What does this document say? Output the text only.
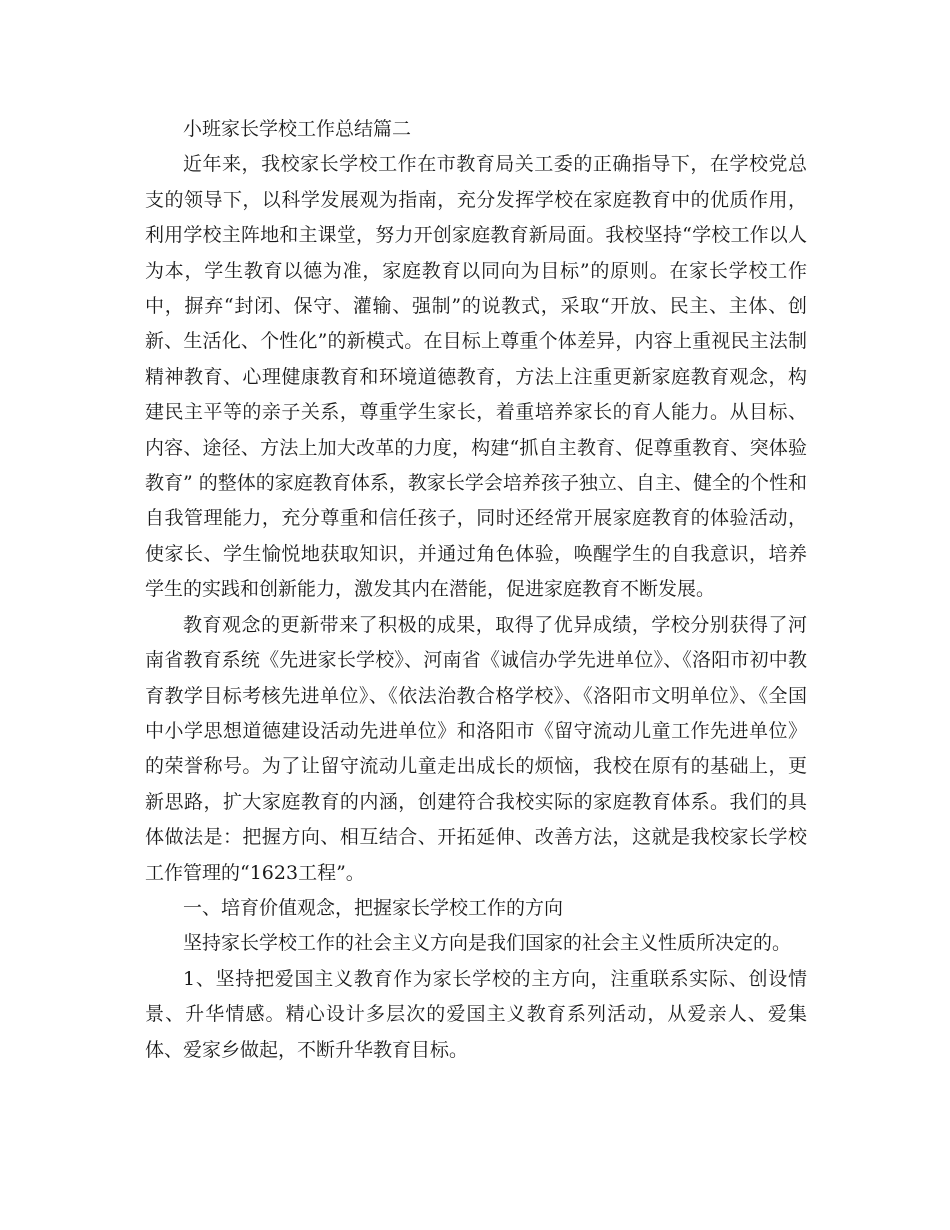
小班家长学校工作总结篇二

近年来，我校家长学校工作在市教育局关工委的正确指导下，在学校党总支的领导下，以科学发展观为指南，充分发挥学校在家庭教育中的优质作用，利用学校主阵地和主课堂，努力开创家庭教育新局面。我校坚持“学校工作以人为本，学生教育以德为准，家庭教育以同向为目标”的原则。在家长学校工作中，摒弃“封闭、保守、灌输、强制”的说教式，采取“开放、民主、主体、创新、生活化、个性化”的新模式。在目标上尊重个体差异，内容上重视民主法制精神教育、心理健康教育和环境道德教育，方法上注重更新家庭教育观念，构建民主平等的亲子关系，尊重学生家长，着重培养家长的育人能力。从目标、内容、途径、方法上加大改革的力度，构建“抓自主教育、促尊重教育、突体验教育” 的整体的家庭教育体系，教家长学会培养孩子独立、自主、健全的个性和自我管理能力，充分尊重和信任孩子，同时还经常开展家庭教育的体验活动，使家长、学生愉悦地获取知识，并通过角色体验，唤醒学生的自我意识，培养学生的实践和创新能力，激发其内在潜能，促进家庭教育不断发展。

教育观念的更新带来了积极的成果，取得了优异成绩，学校分别获得了河南省教育系统《先进家长学校》、河南省《诚信办学先进单位》、《洛阳市初中教育教学目标考核先进单位》、《依法治教合格学校》、《洛阳市文明单位》、《全国中小学思想道德建设活动先进单位》和洛阳市《留守流动儿童工作先进单位》的荣誉称号。为了让留守流动儿童走出成长的烦恼，我校在原有的基础上，更新思路，扩大家庭教育的内涵，创建符合我校实际的家庭教育体系。我们的具体做法是：把握方向、相互结合、开拓延伸、改善方法，这就是我校家长学校工作管理的“1623工程”。

一、培育价值观念，把握家长学校工作的方向

坚持家长学校工作的社会主义方向是我们国家的社会主义性质所决定的。

1、坚持把爱国主义教育作为家长学校的主方向，注重联系实际、创设情景、升华情感。精心设计多层次的爱国主义教育系列活动，从爱亲人、爱集体、爱家乡做起，不断升华教育目标。
